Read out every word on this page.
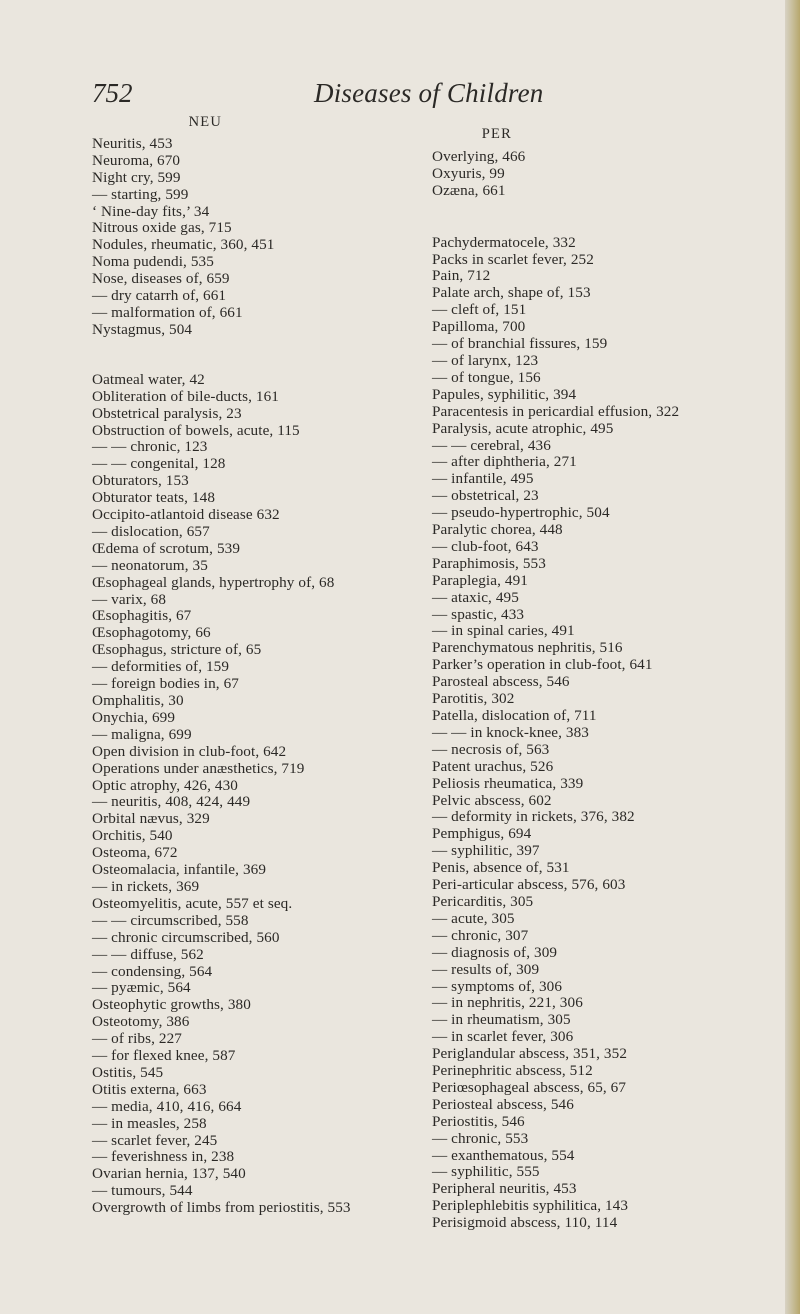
752	Diseases of Children
NEU
Neuritis, 453
Neuroma, 670
Night cry, 599
— starting, 599
‘ Nine-day fits,’ 34
Nitrous oxide gas, 715
Nodules, rheumatic, 360, 451
Noma pudendi, 535
Nose, diseases of, 659
— dry catarrh of, 661
— malformation of, 661
Nystagmus, 504
Oatmeal water, 42
Obliteration of bile-ducts, 161
Obstetrical paralysis, 23
Obstruction of bowels, acute, 115
— — chronic, 123
— — congenital, 128
Obturators, 153
Obturator teats, 148
Occipito-atlantoid disease 632
— dislocation, 657
Œdema of scrotum, 539
— neonatorum, 35
Œsophageal glands, hypertrophy of, 68
— varix, 68
Œsophagitis, 67
Œsophagotomy, 66
Œsophagus, stricture of, 65
— deformities of, 159
— foreign bodies in, 67
Omphalitis, 30
Onychia, 699
— maligna, 699
Open division in club-foot, 642
Operations under anæsthetics, 719
Optic atrophy, 426, 430
— neuritis, 408, 424, 449
Orbital nævus, 329
Orchitis, 540
Osteoma, 672
Osteomalacia, infantile, 369
— in rickets, 369
Osteomyelitis, acute, 557 et seq.
— — circumscribed, 558
— chronic circumscribed, 560
— — diffuse, 562
— condensing, 564
— pyæmic, 564
Osteophytic growths, 380
Osteotomy, 386
— of ribs, 227
— for flexed knee, 587
Ostitis, 545
Otitis externa, 663
— media, 410, 416, 664
— in measles, 258
— scarlet fever, 245
— feverishness in, 238
Ovarian hernia, 137, 540
— tumours, 544
Overgrowth of limbs from periostitis, 553
PER
Overlying, 466
Oxyuris, 99
Ozæna, 661
Pachydermatocele, 332
Packs in scarlet fever, 252
Pain, 712
Palate arch, shape of, 153
— cleft of, 151
Papilloma, 700
— of branchial fissures, 159
— of larynx, 123
— of tongue, 156
Papules, syphilitic, 394
Paracentesis in pericardial effusion, 322
Paralysis, acute atrophic, 495
— — cerebral, 436
— after diphtheria, 271
— infantile, 495
— obstetrical, 23
— pseudo-hypertrophic, 504
Paralytic chorea, 448
— club-foot, 643
Paraphimosis, 553
Paraplegia, 491
— ataxic, 495
— spastic, 433
— in spinal caries, 491
Parenchymatous nephritis, 516
Parker’s operation in club-foot, 641
Parosteal abscess, 546
Parotitis, 302
Patella, dislocation of, 711
— — in knock-knee, 383
— necrosis of, 563
Patent urachus, 526
Peliosis rheumatica, 339
Pelvic abscess, 602
— deformity in rickets, 376, 382
Pemphigus, 694
— syphilitic, 397
Penis, absence of, 531
Peri-articular abscess, 576, 603
Pericarditis, 305
— acute, 305
— chronic, 307
— diagnosis of, 309
— results of, 309
— symptoms of, 306
— in nephritis, 221, 306
— in rheumatism, 305
— in scarlet fever, 306
Periglandular abscess, 351, 352
Perinephritic abscess, 512
Periœsophageal abscess, 65, 67
Periosteal abscess, 546
Periostitis, 546
— chronic, 553
— exanthematous, 554
— syphilitic, 555
Peripheral neuritis, 453
Periplephlebitis syphilitica, 143
Perisigmoid abscess, 110, 114
